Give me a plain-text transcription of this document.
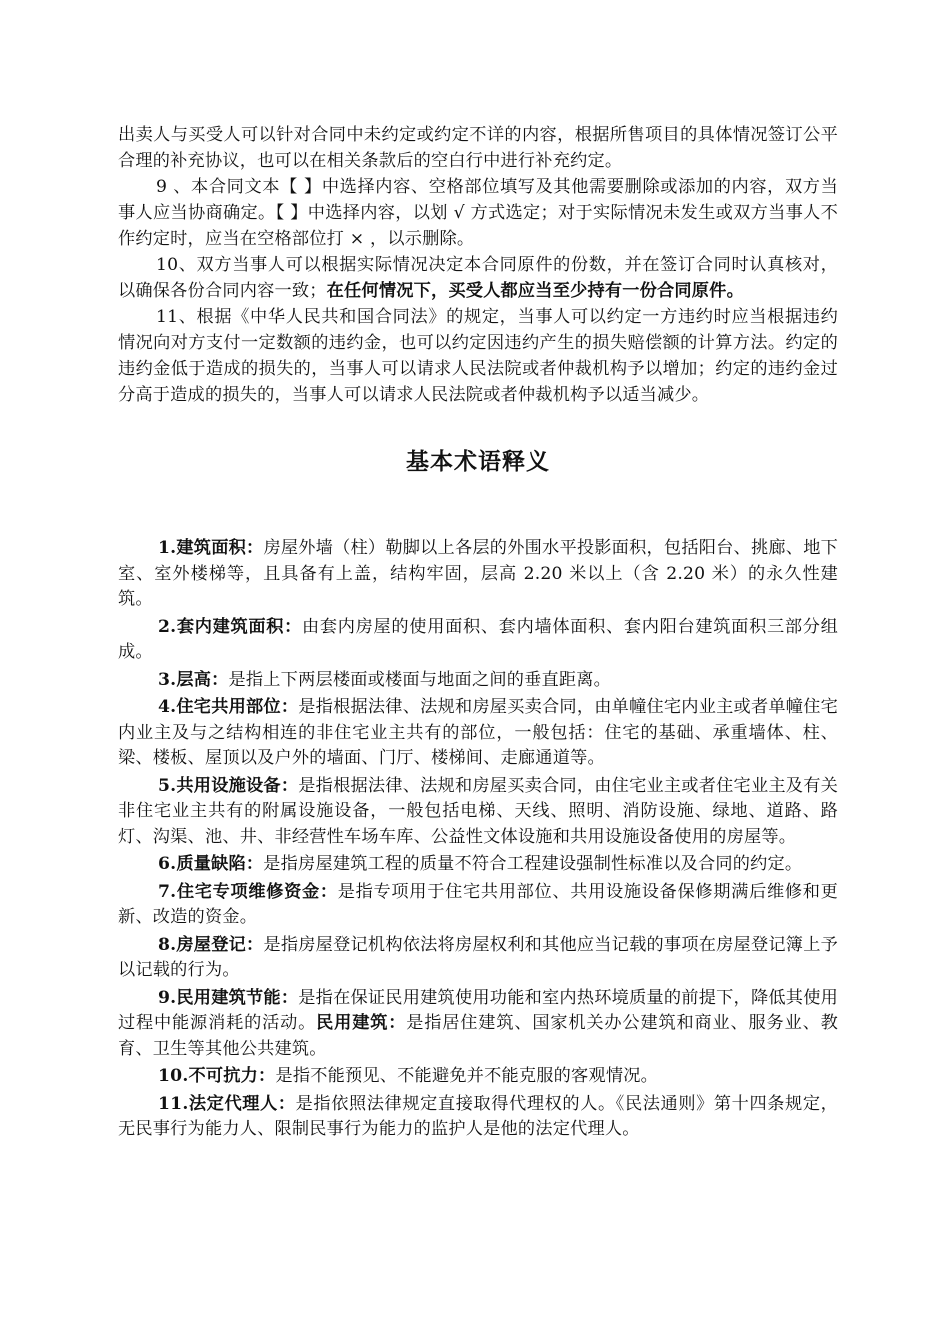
出卖人与买受人可以针对合同中未约定或约定不详的内容，根据所售项目的具体情况签订公平合理的补充协议，也可以在相关条款后的空白行中进行补充约定。

9 、本合同文本【 】中选择内容、空格部位填写及其他需要删除或添加的内容，双方当事人应当协商确定。【 】中选择内容，以划 √ 方式选定；对于实际情况未发生或双方当事人不作约定时，应当在空格部位打 × ，以示删除。

10、双方当事人可以根据实际情况决定本合同原件的份数，并在签订合同时认真核对，以确保各份合同内容一致；在任何情况下，买受人都应当至少持有一份合同原件。

11、根据《中华人民共和国合同法》的规定，当事人可以约定一方违约时应当根据违约情况向对方支付一定数额的违约金，也可以约定因违约产生的损失赔偿额的计算方法。约定的违约金低于造成的损失的，当事人可以请求人民法院或者仲裁机构予以增加；约定的违约金过分高于造成的损失的，当事人可以请求人民法院或者仲裁机构予以适当减少。

基本术语释义

1.建筑面积：房屋外墙（柱）勒脚以上各层的外围水平投影面积，包括阳台、挑廊、地下室、室外楼梯等，且具备有上盖，结构牢固，层高 2.20 米以上（含 2.20 米）的永久性建筑。

2.套内建筑面积：由套内房屋的使用面积、套内墙体面积、套内阳台建筑面积三部分组成。

3.层高：是指上下两层楼面或楼面与地面之间的垂直距离。

4.住宅共用部位：是指根据法律、法规和房屋买卖合同，由单幢住宅内业主或者单幢住宅内业主及与之结构相连的非住宅业主共有的部位，一般包括：住宅的基础、承重墙体、柱、梁、楼板、屋顶以及户外的墙面、门厅、楼梯间、走廊通道等。

5.共用设施设备：是指根据法律、法规和房屋买卖合同，由住宅业主或者住宅业主及有关非住宅业主共有的附属设施设备，一般包括电梯、天线、照明、消防设施、绿地、道路、路灯、沟渠、池、井、非经营性车场车库、公益性文体设施和共用设施设备使用的房屋等。

6.质量缺陷：是指房屋建筑工程的质量不符合工程建设强制性标准以及合同的约定。

7.住宅专项维修资金：是指专项用于住宅共用部位、共用设施设备保修期满后维修和更新、改造的资金。

8.房屋登记：是指房屋登记机构依法将房屋权利和其他应当记载的事项在房屋登记簿上予以记载的行为。

9.民用建筑节能：是指在保证民用建筑使用功能和室内热环境质量的前提下，降低其使用过程中能源消耗的活动。民用建筑：是指居住建筑、国家机关办公建筑和商业、服务业、教育、卫生等其他公共建筑。

10.不可抗力：是指不能预见、不能避免并不能克服的客观情况。

11.法定代理人：是指依照法律规定直接取得代理权的人。《民法通则》第十四条规定，无民事行为能力人、限制民事行为能力的监护人是他的法定代理人。
